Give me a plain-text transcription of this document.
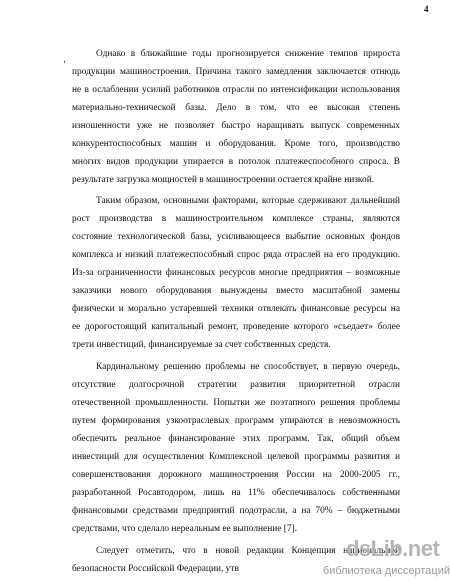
4
‚	Однако в ближайшие годы прогнозируется снижение темпов прироста
продукции машиностроения. Причина такого замедления заключается отнюдь
не в ослаблении усилий работников отрасли по интенсификации использования
материально-технической базы. Дело в том, что ее высокая степень
изношенности уже не позволяет быстро наращивать выпуск современных
конкурентоспособных машин и оборудования. Кроме того, производство
многих видов продукции упирается в потолок платежеспособного спроса. В
результате загрузка мощностей в машиностроении остается крайне низкой.
Таким образом, основными факторами, которые сдерживают дальнейший
рост производства в машиностроительном комплексе страны, являются
состояние технологической базы, усиливающееся выбытие основных фондов
комплекса и низкий платежеспособный спрос ряда отраслей на его продукцию.
Из-за ограниченности финансовых ресурсов многие предприятия – возможные
заказчики нового оборудования вынуждены вместо масштабной замены
физически и морально устаревшей техники отвлекать финансовые ресурсы на
ее дорогостоящий капитальный ремонт, проведение которого «съедает» более
трети инвестиций, финансируемые за счет собственных средств.
Кардинальному решению проблемы не способствует, в первую очередь,
отсутствие долгосрочной стратегии развития приоритетной отрасли
отечественной промышленности. Попытки же поэтапного решения проблемы
путем формирования узкоотраслевых программ упираются в невозможность
обеспечить реальное финансирование этих программ. Так, общий объем
инвестиций для осуществления Комплексной целевой программы развития и
совершенствования дорожного машиностроения России на 2000-2005 гг.,
разработанной Росавтодором, лишь на 11% обеспечивалось собственными
финансовыми средствами предприятий подотрасли, а на 70% – бюджетными
средствами, что сделало нереальным ее выполнение [7].
Следует отметить, что в новой редакции Концепция национальной
безопасности Российской Федерации, утв
dsLib.net
библиотека диссертаций
